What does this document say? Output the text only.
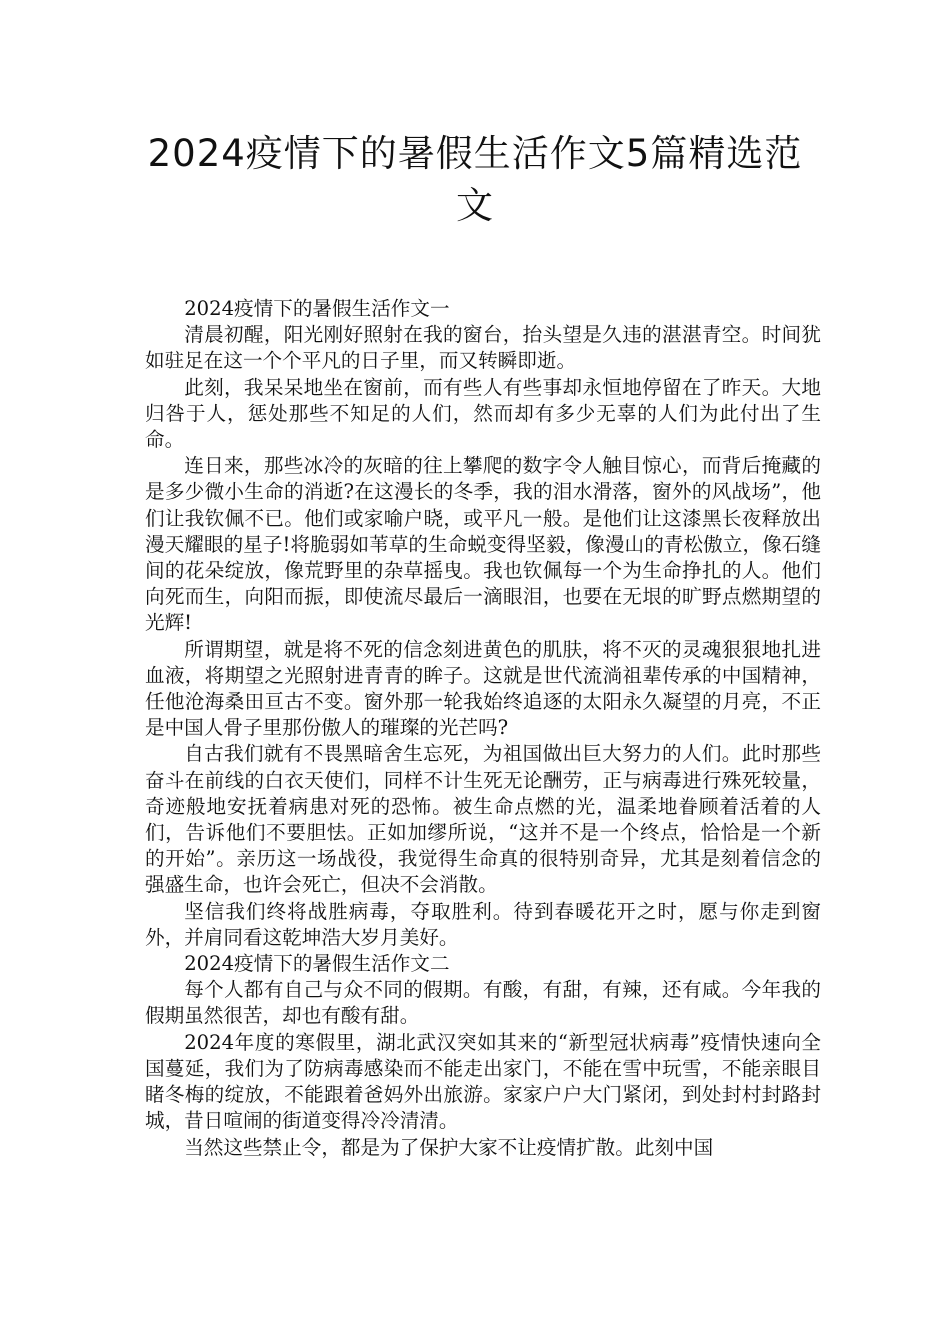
2024疫情下的暑假生活作文5篇精选范文

2024疫情下的暑假生活作文一

清晨初醒，阳光刚好照射在我的窗台，抬头望是久违的湛湛青空。时间犹如驻足在这一个个平凡的日子里，而又转瞬即逝。

此刻，我呆呆地坐在窗前，而有些人有些事却永恒地停留在了昨天。大地归咎于人，惩处那些不知足的人们，然而却有多少无辜的人们为此付出了生命。

连日来，那些冰冷的灰暗的往上攀爬的数字令人触目惊心，而背后掩藏的是多少微小生命的消逝?在这漫长的冬季，我的泪水滑落，窗外的风战场”，他们让我钦佩不已。他们或家喻户晓，或平凡一般。是他们让这漆黑长夜释放出漫天耀眼的星子!将脆弱如苇草的生命蜕变得坚毅，像漫山的青松傲立，像石缝间的花朵绽放，像荒野里的杂草摇曳。我也钦佩每一个为生命挣扎的人。他们向死而生，向阳而振，即使流尽最后一滴眼泪，也要在无垠的旷野点燃期望的光辉!

所谓期望，就是将不死的信念刻进黄色的肌肤，将不灭的灵魂狠狠地扎进血液，将期望之光照射进青青的眸子。这就是世代流淌祖辈传承的中国精神，任他沧海桑田亘古不变。窗外那一轮我始终追逐的太阳永久凝望的月亮，不正是中国人骨子里那份傲人的璀璨的光芒吗?

自古我们就有不畏黑暗舍生忘死，为祖国做出巨大努力的人们。此时那些奋斗在前线的白衣天使们，同样不计生死无论酬劳，正与病毒进行殊死较量，奇迹般地安抚着病患对死的恐怖。被生命点燃的光，温柔地眷顾着活着的人们，告诉他们不要胆怯。正如加缪所说，“这并不是一个终点，恰恰是一个新的开始”。亲历这一场战役，我觉得生命真的很特别奇异，尤其是刻着信念的强盛生命，也许会死亡，但决不会消散。

坚信我们终将战胜病毒，夺取胜利。待到春暖花开之时，愿与你走到窗外，并肩同看这乾坤浩大岁月美好。

2024疫情下的暑假生活作文二

每个人都有自己与众不同的假期。有酸，有甜，有辣，还有咸。今年我的假期虽然很苦，却也有酸有甜。

2024年度的寒假里，湖北武汉突如其来的“新型冠状病毒”疫情快速向全国蔓延，我们为了防病毒感染而不能走出家门，不能在雪中玩雪，不能亲眼目睹冬梅的绽放，不能跟着爸妈外出旅游。家家户户大门紧闭，到处封村封路封城，昔日喧闹的街道变得冷冷清清。

当然这些禁止令，都是为了保护大家不让疫情扩散。此刻中国
